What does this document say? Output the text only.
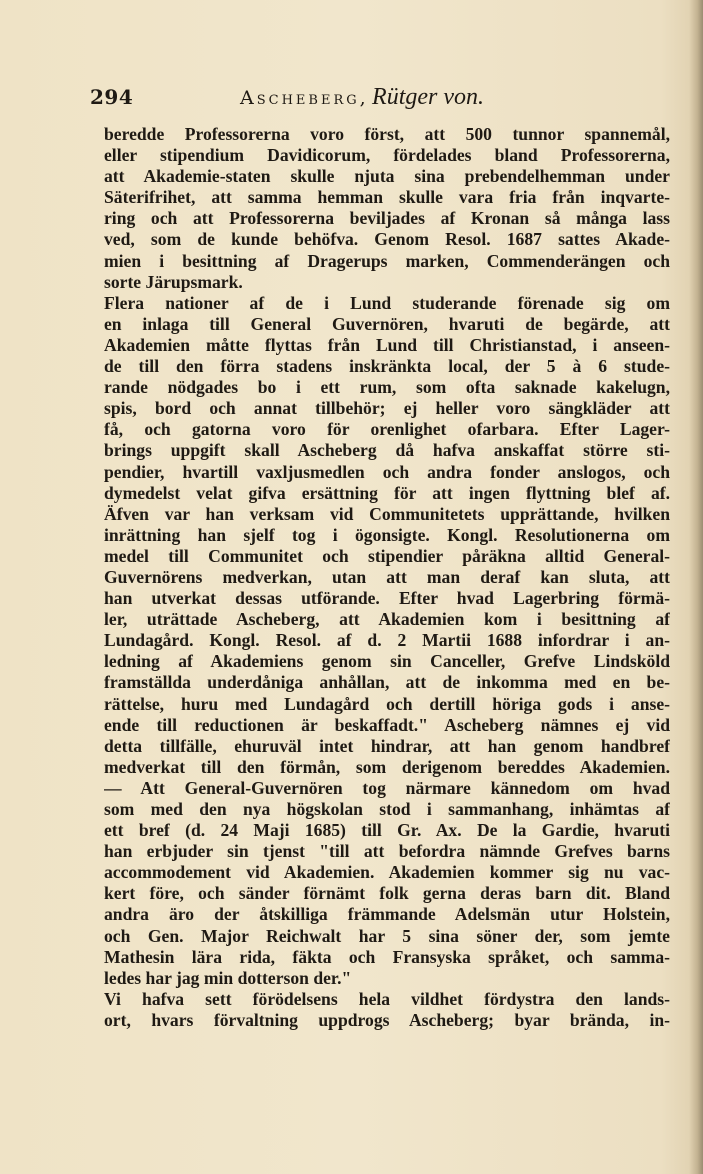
294	Ascheberg, Rütger von.
bereddе Professorerna voro först, att 500 tunnor spannemål,
eller stipendium Davidicorum, fördelades bland Professorerna,
att Akademie-staten skulle njuta sina prebendelhemman under
Säterifrihet, att samma hemman skulle vara fria från inqvarte-
ring och att Professorerna beviljades af Kronan så många lass
ved, som de kunde behöfva. Genom Resol. 1687 sattes Akade-
mien i besittning af Dragerups marken, Commenderängen och
sorte Järupsmark.
Flera nationer af de i Lund studerande förenade sig om
en inlaga till General Guvernören, hvaruti de begärde, att
Akademien måtte flyttas från Lund till Christianstad, i anseen-
de till den förra stadens inskränkta local, der 5 à 6 stude-
rande nödgades bo i ett rum, som ofta saknade kakelugn,
spis, bord och annat tillbehör; ej heller voro sängkläder att
få, och gatorna voro för orenlighet ofarbara. Efter Lager-
brings uppgift skall Ascheberg då hafva anskaffat större sti-
pendier, hvartill vaxljusmedlen och andra fonder anslogos, och
dymedelst velat gifva ersättning för att ingen flyttning blef af.
Äfven var han verksam vid Communitetets upprättande, hvilken
inrättning han sjelf tog i ögonsigte. Kongl. Resolutionerna om
medel till Communitet och stipendier påräkna alltid General-
Guvernörens medverkan, utan att man deraf kan sluta, att
han utverkat dessas utförande. Efter hvad Lagerbring förmä-
ler, uträttade Ascheberg, att Akademien kom i besittning af
Lundagård. Kongl. Resol. af d. 2 Martii 1688 infordrar i an-
ledning af Akademiens genom sin Canceller, Grefve Lindsköld
framställda underdåniga anhållan, att de inkomma med en be-
rättelse, huru med Lundagård och dertill höriga gods i anse-
ende till reductionen är beskaffadt." Ascheberg nämnes ej vid
detta tillfälle, ehuruväl intet hindrar, att han genom handbref
medverkat till den förmån, som derigenom bereddes Akademien.
— Att General-Guvernören tog närmare kännedom om hvad
som med den nya högskolan stod i sammanhang, inhämtas af
ett bref (d. 24 Maji 1685) till Gr. Ax. De la Gardie, hvaruti
han erbjuder sin tjenst "till att befordra nämnde Grefves barns
accommodement vid Akademien. Akademien kommer sig nu vac-
kert före, och sänder förnämt folk gerna deras barn dit. Bland
andra äro der åtskilliga främmande Adelsmän utur Holstein,
och Gen. Major Reichwalt har 5 sina söner der, som jemte
Mathesin lära rida, fäkta och Fransyska språket, och samma-
ledes har jag min dotterson der."
Vi hafva sett förödelsens hela vildhet fördystra den lands-
ort, hvars förvaltning uppdrogs Ascheberg; byar brända, in-
